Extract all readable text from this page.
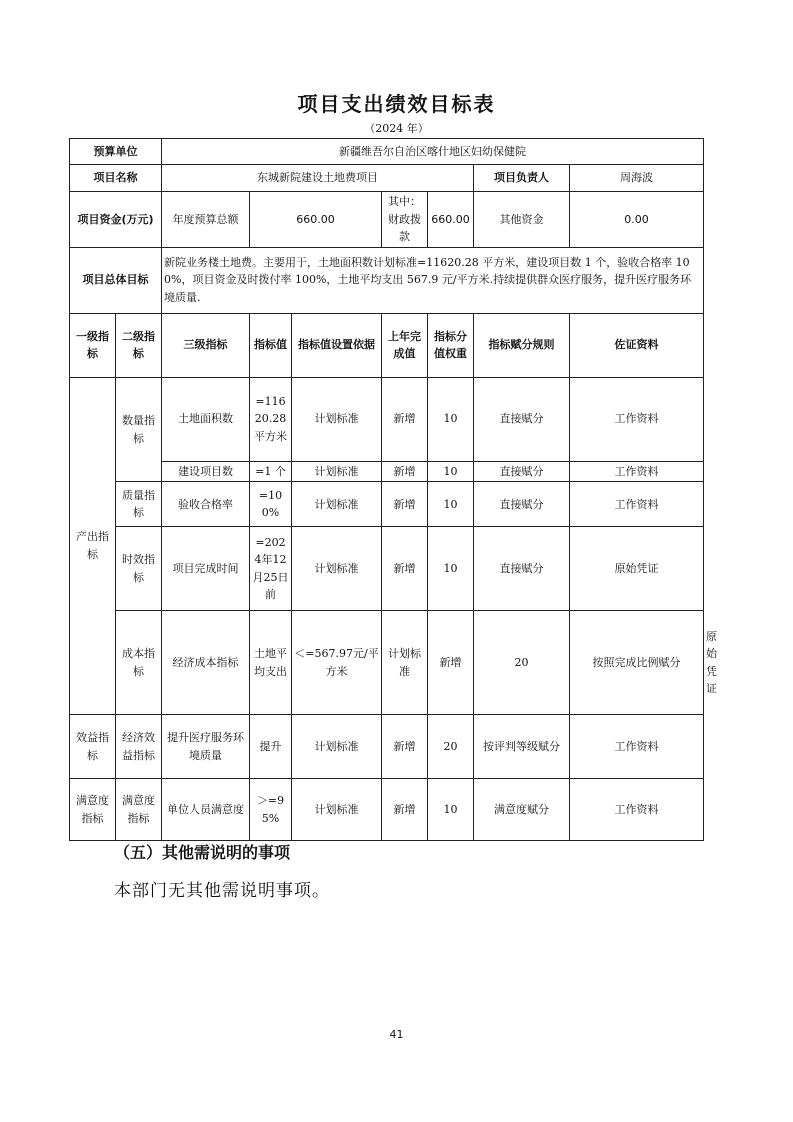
项目支出绩效目标表
（2024 年）
预算单位		新疆维吾尔自治区喀什地区妇幼保健院							
项目名称		东城新院建设土地费项目					项目负责人	周海波	
项目资金(万元)		年度预算总额	660.00		其中：财政拨款	660.00	其他资金	0.00	
项目总体目标		新院业务楼土地费。主要用于，土地面积数计划标准=11620.28 平方米，建设项目数 1 个，验收合格率 100%，项目资金及时拨付率 100%，土地平均支出 567.9 元/平方米.持续提供群众医疗服务，提升医疗服务环境质量.							
一级指标	二级指标	三级指标	指标值	指标值设置依据	上年完成值	指标分值权重	指标赋分规则	佐证资料	
产出指标	数量指标	土地面积数	=11620.28平方米	计划标准	新增	10	直接赋分	工作资料	
		建设项目数	=1 个	计划标准	新增	10	直接赋分	工作资料	
	质量指标	验收合格率	=100%	计划标准	新增	10	直接赋分	工作资料	
	时效指标	项目完成时间	=2024年12月25日前	计划标准	新增	10	直接赋分	原始凭证	
	成本指标	经济成本指标	土地平均支出	＜=567.97元/平方米	计划标准	新增	20	按照完成比例赋分	原始凭证
效益指标	经济效益指标	提升医疗服务环境质量	提升	计划标准	新增	20	按评判等级赋分	工作资料	
满意度指标	满意度指标	单位人员满意度	＞=95%	计划标准	新增	10	满意度赋分	工作资料	
（五）其他需说明的事项
本部门无其他需说明事项。
41
